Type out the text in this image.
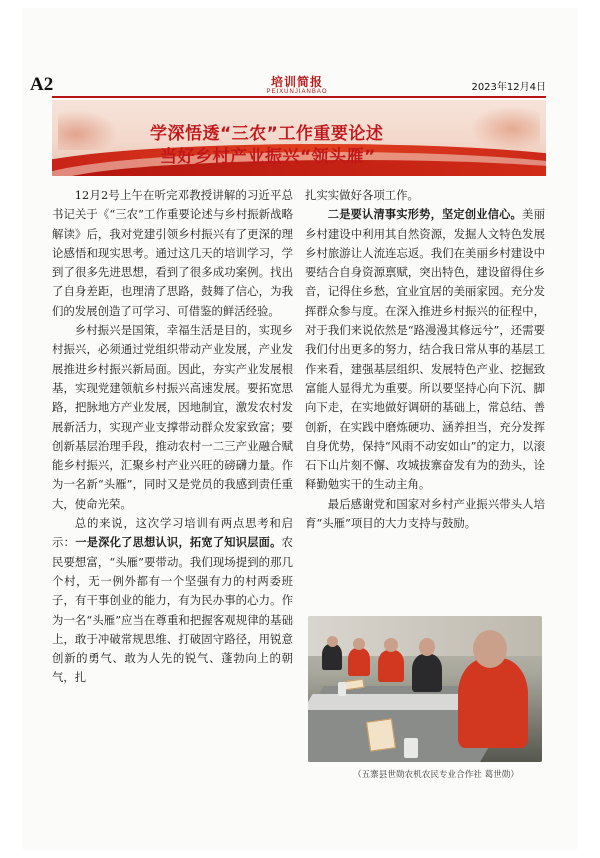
A2	培训简报
PEIXUNJIANBAO	2023年12月4日
学深悟透“三农”工作重要论述
当好乡村产业振兴“领头雁”

12月2号上午在听完邓教授讲解的习近平总书记关于《“三农”工作重要论述与乡村振新战略解读》后，我对党建引领乡村振兴有了更深的理论感悟和现实思考。通过这几天的培训学习，学到了很多先进思想，看到了很多成功案例。找出了自身差距，也理清了思路，鼓舞了信心，为我们的发展创造了可学习、可借鉴的鲜活经验。

乡村振兴是国策，幸福生活是目的，实现乡村振兴，必须通过党组织带动产业发展，产业发展推进乡村振兴新局面。因此，夯实产业发展根基，实现党建领航乡村振兴高速发展。要拓宽思路，把脉地方产业发展，因地制宜，激发农村发展新活力，实现产业支撑带动群众发家致富；要创新基层治理手段，推动农村一二三产业融合赋能乡村振兴，汇聚乡村产业兴旺的磅礴力量。作为一名新“头雁”，同时又是党员的我感到责任重大，使命光荣。

总的来说，这次学习培训有两点思考和启示：一是深化了思想认识，拓宽了知识层面。农民要想富，“头雁”要带动。我们现场提到的那几个村，无一例外都有一个坚强有力的村两委班子，有干事创业的能力，有为民办事的心力。作为一名“头雁”应当在尊重和把握客观规律的基础上，敢于冲破常规思维、打破固守路径，用锐意创新的勇气、敢为人先的锐气、蓬勃向上的朝气，扎

扎实实做好各项工作。

二是要认清事实形势，坚定创业信心。美丽乡村建设中利用其自然资源，发掘人文特色发展乡村旅游让人流连忘返。我们在美丽乡村建设中要结合自身资源禀赋，突出特色，建设留得住乡音，记得住乡愁，宜业宜居的美丽家园。充分发挥群众参与度。在深入推进乡村振兴的征程中，对于我们来说依然是“路漫漫其修远兮”，还需要我们付出更多的努力，结合我日常从事的基层工作来看，建强基层组织、发展特色产业、挖掘致富能人显得尤为重要。所以要坚持心向下沉、脚向下走，在实地做好调研的基础上，常总结、善创新，在实践中磨炼硬功、涵养担当，充分发挥自身优势，保持“风雨不动安如山”的定力，以滚石下山片刻不懈、攻城拔寨奋发有为的劲头，诠释勤勉实干的生动主角。

最后感谢党和国家对乡村产业振兴带头人培育“头雁”项目的大力支持与鼓励。

（五寨县世勋农机农民专业合作社 葛世勋）
